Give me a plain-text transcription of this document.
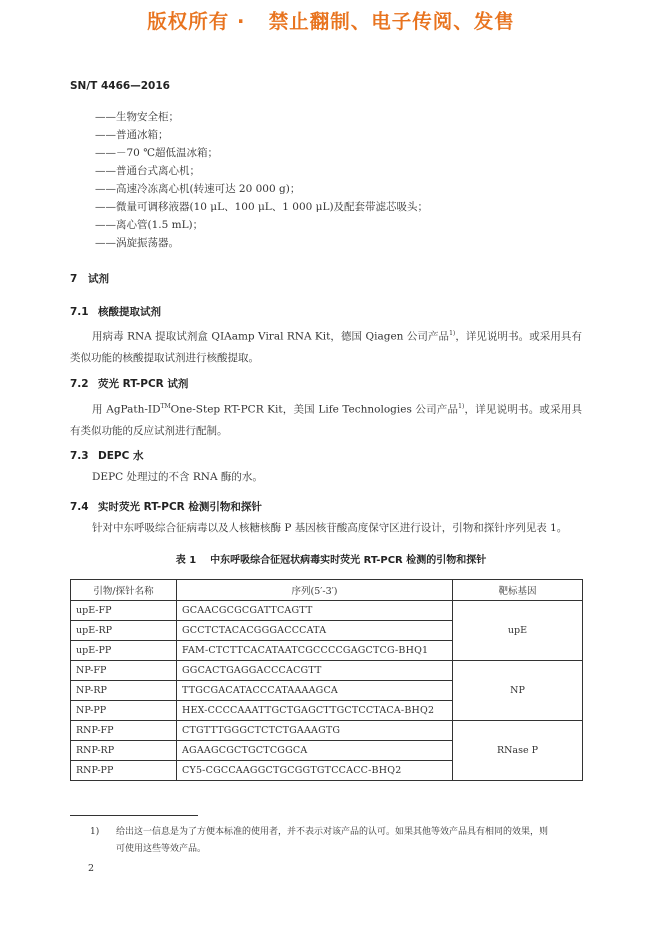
版权所有 ·   禁止翻制、电子传阅、发售
SN/T 4466—2016
——生物安全柜；
——普通冰箱；
——－70 ℃超低温冰箱；
——普通台式离心机；
——高速冷冻离心机(转速可达 20 000 g)；
——微量可调移液器(10 μL、100 μL、1 000 μL)及配套带滤芯吸头；
——离心管(1.5 mL)；
——涡旋振荡器。
7 试剂
7.1 核酸提取试剂
用病毒 RNA 提取试剂盒 QIAamp Viral RNA Kit，德国 Qiagen 公司产品$^{1)}$，详见说明书。或采用具有类似功能的核酸提取试剂进行核酸提取。
7.2 荧光 RT-PCR 试剂
用 AgPath-ID™One-Step RT-PCR Kit，美国 Life Technologies 公司产品$^{1)}$，详见说明书。或采用具有类似功能的反应试剂进行配制。
7.3 DEPC 水
DEPC 处理过的不含 RNA 酶的水。
7.4 实时荧光 RT-PCR 检测引物和探针
针对中东呼吸综合征病毒以及人核糖核酶 P 基因核苷酸高度保守区进行设计，引物和探针序列见表 1。
表 1    中东呼吸综合征冠状病毒实时荧光 RT-PCR 检测的引物和探针
引物/探针名称	序列(5′-3′)	靶标基因
upE-FP	GCAACGCGCGATTCAGTT	upE
upE-RP	GCCTCTACACGGGACCCATA	
upE-PP	FAM-CTCTTCACATAATCGCCCCGAGCTCG-BHQ1	
NP-FP	GGCACTGAGGACCCACGTT	NP
NP-RP	TTGCGACATACCCATAAAAGCA	
NP-PP	HEX-CCCCAAATTGCTGAGCTTGCTCCTACA-BHQ2	
RNP-FP	CTGTTTGGGCTCTCTGAAAGTG	RNase P
RNP-RP	AGAAGCGCTGCTCGGCA	
RNP-PP	CY5-CGCCAAGGCTGCGGTGTCCACC-BHQ2	
1) 给出这一信息是为了方便本标准的使用者，并不表示对该产品的认可。如果其他等效产品具有相同的效果，则
可使用这些等效产品。
2
